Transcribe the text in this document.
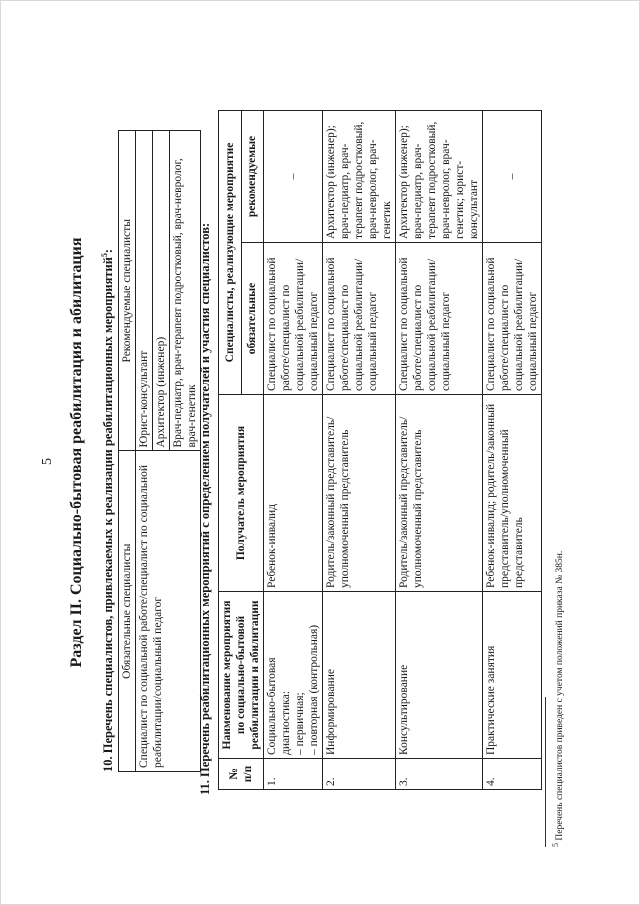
5 Раздел II. Социально-бытовая реабилитация и абилитация 10. Перечень специалистов, привлекаемых к реализации реабилитационных мероприятий$^5$:
Обязательные специалисты	Рекомендуемые специалисты
Специалист по социальной работе/специалист по социальной реабилитации/социальный педагог	Юрист-консультант
	Архитектор (инженер)
	Врач-педиатр, врач-терапевт подростковый, врач-невролог, врач-генетик 11. Перечень реабилитационных мероприятий с определением получателей и участия специалистов: № п/п	Наименование мероприятия по социально-бытовой реабилитации и абилитации	Получатель мероприятия	Специалисты, реализующие мероприятие	
			обязательные	рекомендуемые
1.	Социально-бытовая диагностика: – первичная; – повторная (контрольная)	Ребенок-инвалид	Специалист по социальной работе/специалист по социальной реабилитации/социальный педагог	–
2.	Информирование	Родитель/законный представитель/уполномоченный представитель	Специалист по социальной работе/специалист по социальной реабилитации/социальный педагог	Архитектор (инженер); врач-педиатр, врач-терапевт подростковый, врач-невролог, врач-генетик
3.	Консультирование	Родитель/законный представитель/уполномоченный представитель	Специалист по социальной работе/специалист по социальной реабилитации/социальный педагог	Архитектор (инженер); врач-педиатр, врач-терапевт подростковый, врач-невролог, врач-генетик; юрист-консультант
4.	Практические занятия	Ребенок-инвалид; родитель/законный представитель/уполномоченный представитель	Специалист по социальной работе/специалист по социальной реабилитации/социальный педагог	–
$^5$ Перечень специалистов приведен с учетом положений приказа № 385н.
